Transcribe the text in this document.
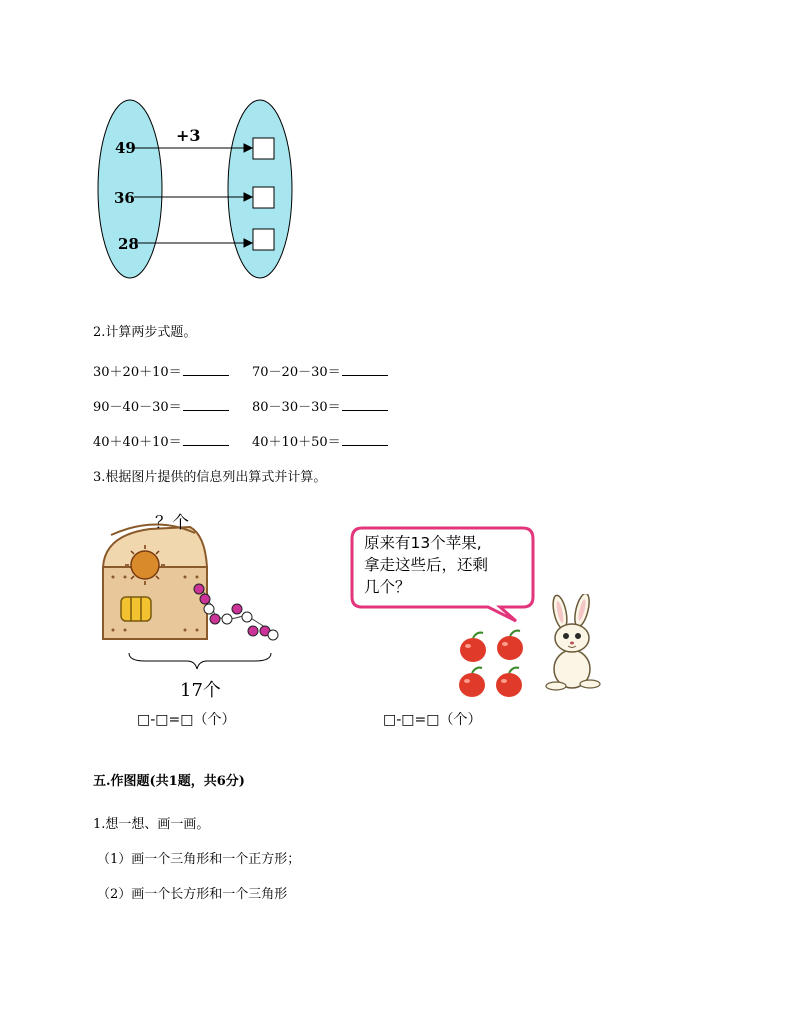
+3
49
36
28
2.计算两步式题。
30＋20＋10＝	70－20－30＝
90－40－30＝	80－30－30＝
40＋40＋10＝	40＋10＋50＝
3.根据图片提供的信息列出算式并计算。
？个
17个
原来有13个苹果,
拿走这些后，还剩
几个？
□-□=□（个）	□-□=□（个）
五.作图题(共1题，共6分)
1.想一想、画一画。
（1）画一个三角形和一个正方形；
（2）画一个长方形和一个三角形
